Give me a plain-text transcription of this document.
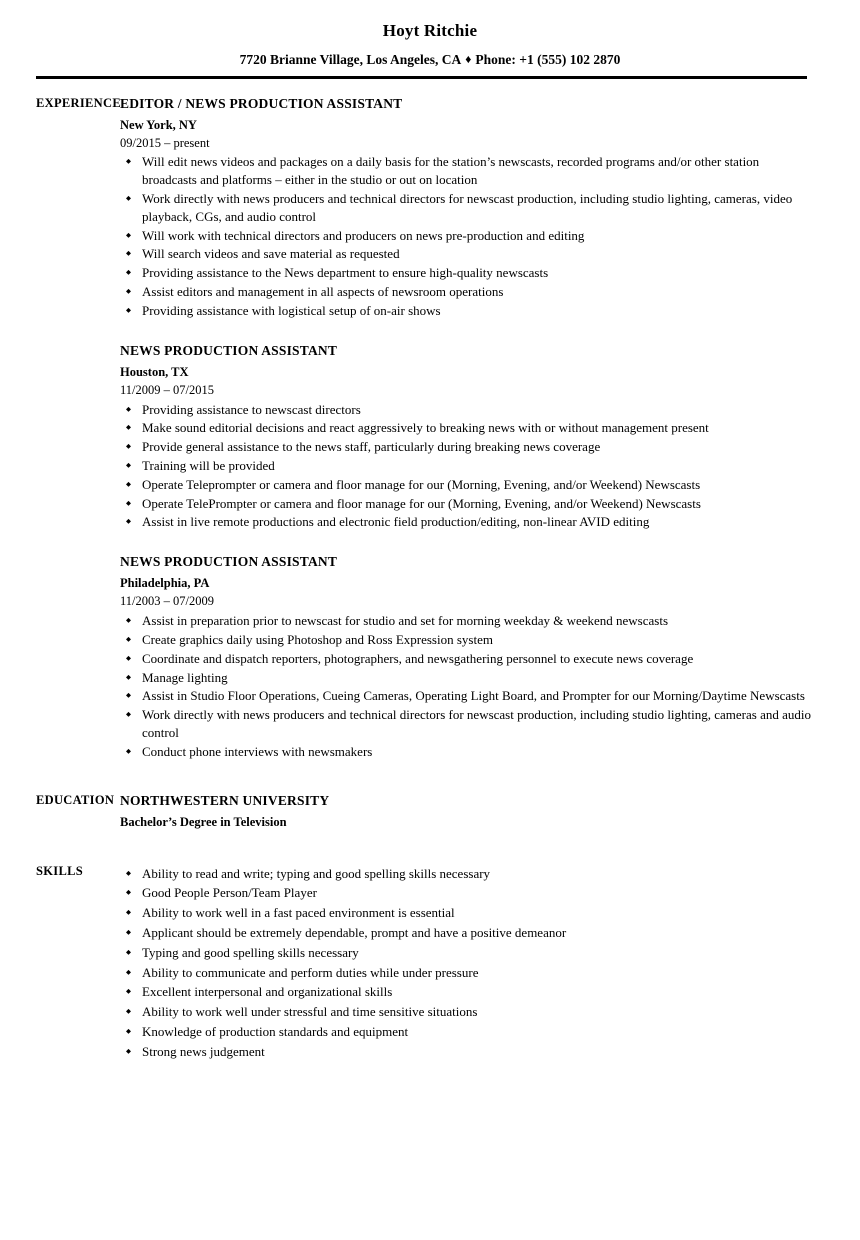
Hoyt Ritchie
7720 Brianne Village, Los Angeles, CA ♦ Phone: +1 (555) 102 2870
EXPERIENCE EDITOR / NEWS PRODUCTION ASSISTANT
New York, NY
09/2015 – present
◆ Will edit news videos and packages on a daily basis for the station’s newscasts, recorded programs and/or other station broadcasts and platforms – either in the studio or out on location
◆ Work directly with news producers and technical directors for newscast production, including studio lighting, cameras, video playback, CGs, and audio control
◆ Will work with technical directors and producers on news pre-production and editing
◆ Will search videos and save material as requested
◆ Providing assistance to the News department to ensure high-quality newscasts
◆ Assist editors and management in all aspects of newsroom operations
◆ Providing assistance with logistical setup of on-air shows
NEWS PRODUCTION ASSISTANT
Houston, TX
11/2009 – 07/2015
◆ Providing assistance to newscast directors
◆ Make sound editorial decisions and react aggressively to breaking news with or without management present
◆ Provide general assistance to the news staff, particularly during breaking news coverage
◆ Training will be provided
◆ Operate Teleprompter or camera and floor manage for our (Morning, Evening, and/or Weekend) Newscasts
◆ Operate TelePrompter or camera and floor manage for our (Morning, Evening, and/or Weekend) Newscasts
◆ Assist in live remote productions and electronic field production/editing, non-linear AVID editing
NEWS PRODUCTION ASSISTANT
Philadelphia, PA
11/2003 – 07/2009
◆ Assist in preparation prior to newscast for studio and set for morning weekday & weekend newscasts
◆ Create graphics daily using Photoshop and Ross Expression system
◆ Coordinate and dispatch reporters, photographers, and newsgathering personnel to execute news coverage
◆ Manage lighting
◆ Assist in Studio Floor Operations, Cueing Cameras, Operating Light Board, and Prompter for our Morning/Daytime Newscasts
◆ Work directly with news producers and technical directors for newscast production, including studio lighting, cameras and audio control
◆ Conduct phone interviews with newsmakers
EDUCATION NORTHWESTERN UNIVERSITY
Bachelor’s Degree in Television
SKILLS	◆ Ability to read and write; typing and good spelling skills necessary
◆ Good People Person/Team Player
◆ Ability to work well in a fast paced environment is essential
◆ Applicant should be extremely dependable, prompt and have a positive demeanor
◆ Typing and good spelling skills necessary
◆ Ability to communicate and perform duties while under pressure
◆ Excellent interpersonal and organizational skills
◆ Ability to work well under stressful and time sensitive situations
◆ Knowledge of production standards and equipment
◆ Strong news judgement
